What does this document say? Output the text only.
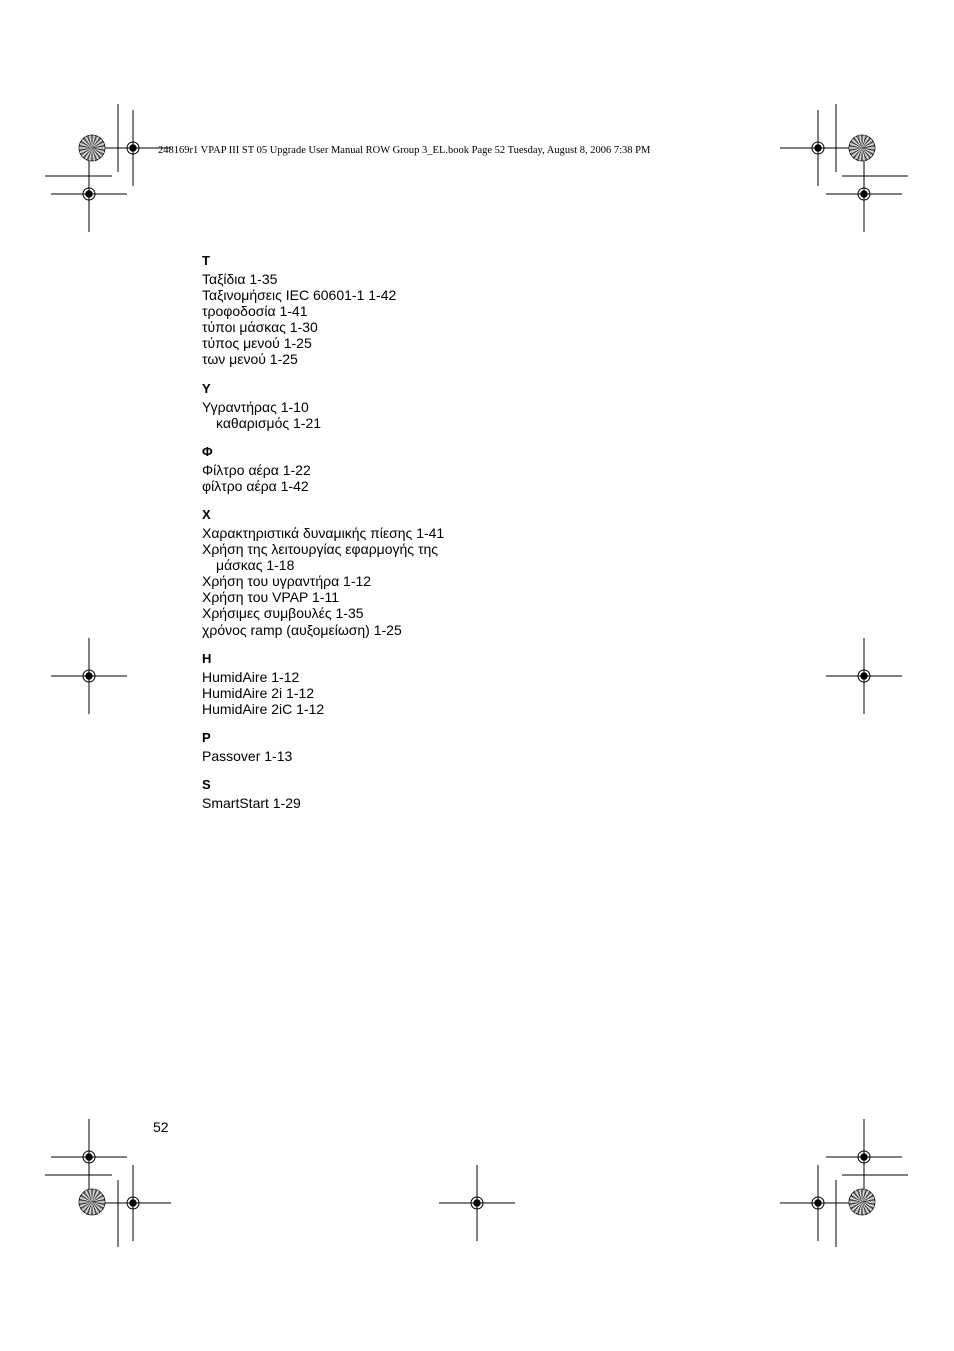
248169r1 VPAP III ST 05 Upgrade User Manual ROW Group 3_EL.book Page 52 Tuesday, August 8, 2006 7:38 PM
T
Ταξίδια 1-35
Ταξινομήσεις IEC 60601-1 1-42
τροφοδοσία 1-41
τύποι μάσκας 1-30
τύπος μενού 1-25
των μενού 1-25
Y
Υγραντήρας 1-10
καθαρισμός 1-21
Φ
Φίλτρο αέρα 1-22
φίλτρο αέρα 1-42
X
Χαρακτηριστικά δυναμικής πίεσης 1-41
Χρήση της λειτουργίας εφαρμογής της
μάσκας 1-18
Χρήση του υγραντήρα 1-12
Χρήση του VPAP 1-11
Χρήσιμες συμβουλές 1-35
χρόνος ramp (αυξομείωση) 1-25
H
HumidAire 1-12
HumidAire 2i 1-12
HumidAire 2iC 1-12
P
Passover 1-13
S
SmartStart 1-29
52
